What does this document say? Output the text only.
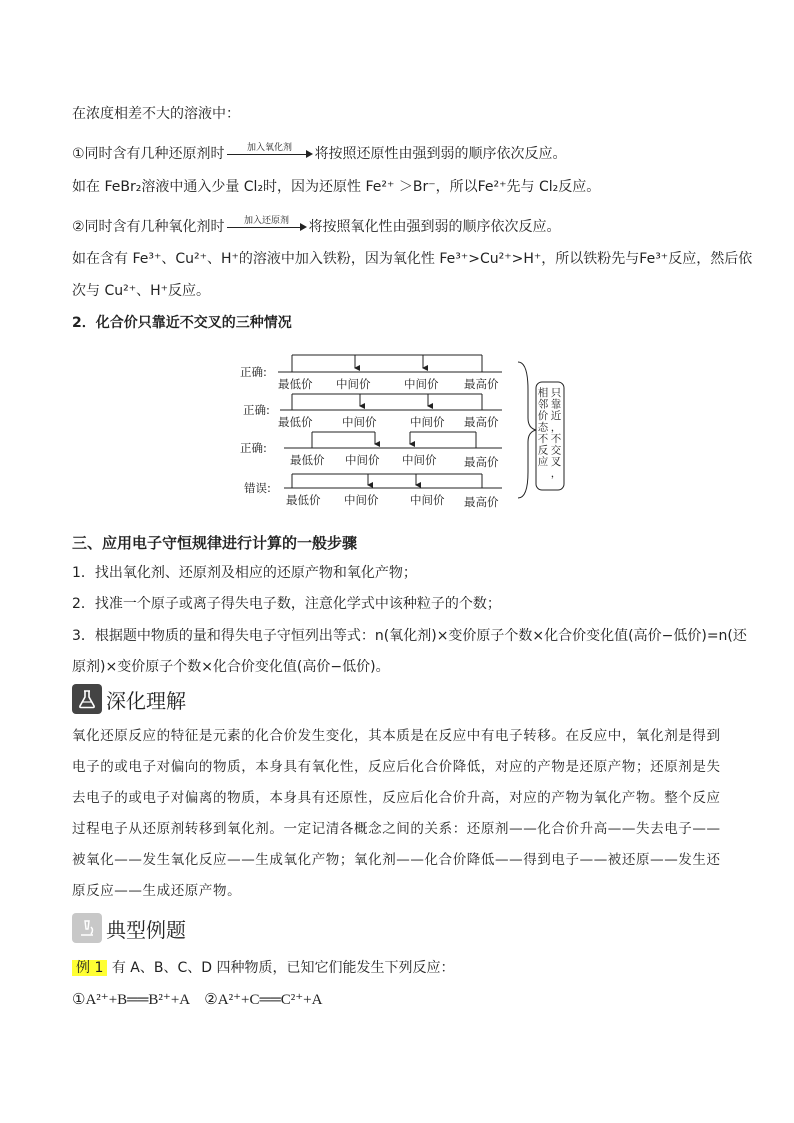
在浓度相差不大的溶液中：
①同时含有几种还原剂时	加入氧化剂	将按照还原性由强到弱的顺序依次反应。
如在 FeBr₂溶液中通入少量 Cl₂时，因为还原性 Fe²⁺ ＞Br⁻，所以Fe²⁺先与 Cl₂反应。
②同时含有几种氧化剂时	加入还原剂	将按照氧化性由强到弱的顺序依次反应。
如在含有 Fe³⁺、Cu²⁺、H⁺的溶液中加入铁粉，因为氧化性 Fe³⁺>Cu²⁺>H⁺，所以铁粉先与Fe³⁺反应，然后依
次与 Cu²⁺、H⁺反应。
2．化合价只靠近不交叉的三种情况
正确:
最低价 中间价	中间价 最高价
正确:
最低价	中间价	中间价 最高价
正确:
最低价 中间价 中间价 最高价
错误:
最低价 中间价	中间价 最高价
只
靠
近
，
不
交
叉
，
相
邻
价
态
不
反
应
三、应用电子守恒规律进行计算的一般步骤
1．找出氧化剂、还原剂及相应的还原产物和氧化产物；
2．找准一个原子或离子得失电子数，注意化学式中该种粒子的个数；
3．根据题中物质的量和得失电子守恒列出等式：n(氧化剂)×变价原子个数×化合价变化值(高价−低价)=n(还
原剂)×变价原子个数×化合价变化值(高价−低价)。
深化理解
氧化还原反应的特征是元素的化合价发生变化，其本质是在反应中有电子转移。在反应中，氧化剂是得到
电子的或电子对偏向的物质，本身具有氧化性，反应后化合价降低，对应的产物是还原产物；还原剂是失
去电子的或电子对偏离的物质，本身具有还原性，反应后化合价升高，对应的产物为氧化产物。整个反应
过程电子从还原剂转移到氧化剂。一定记清各概念之间的关系：还原剂——化合价升高——失去电子——
被氧化——发生氧化反应——生成氧化产物；氧化剂——化合价降低——得到电子——被还原——发生还
原反应——生成还原产物。
典型例题
例 1 有 A、B、C、D 四种物质，已知它们能发生下列反应：
①A²⁺+B══B²⁺+A　②A²⁺+C══C²⁺+A
